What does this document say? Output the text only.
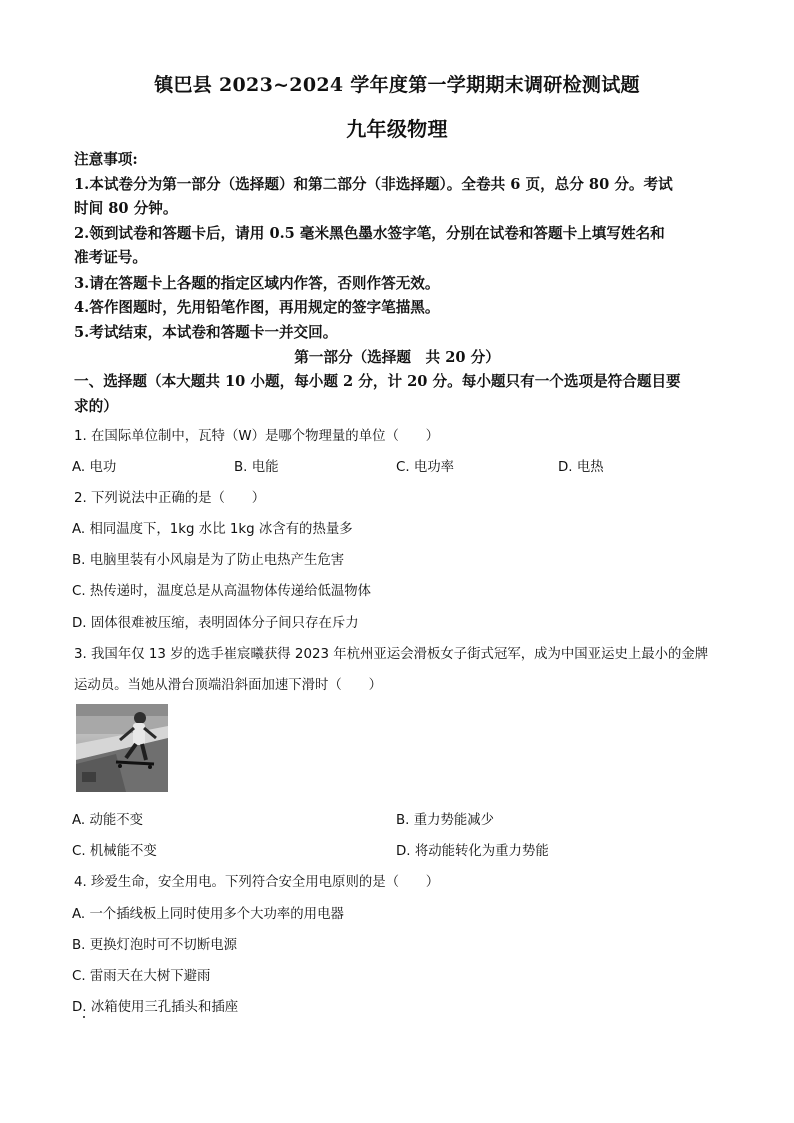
镇巴县 2023~2024 学年度第一学期期末调研检测试题
九年级物理
注意事项:
1.本试卷分为第一部分（选择题）和第二部分（非选择题）。全卷共 6 页，总分 80 分。考试
时间 80 分钟。
2.领到试卷和答题卡后，请用 0.5 毫米黑色墨水签字笔，分别在试卷和答题卡上填写姓名和
准考证号。
3.请在答题卡上各题的指定区域内作答，否则作答无效。
4.答作图题时，先用铅笔作图，再用规定的签字笔描黑。
5.考试结束，本试卷和答题卡一并交回。
第一部分（选择题　共 20 分）
一、选择题（本大题共 10 小题，每小题 2 分，计 20 分。每小题只有一个选项是符合题目要
求的）
1. 在国际单位制中，瓦特（W）是哪个物理量的单位（　　）
A. 电功	B. 电能	C. 电功率	D. 电热
2. 下列说法中正确的是（　　）
A. 相同温度下，1kg 水比 1kg 冰含有的热量多
B. 电脑里装有小风扇是为了防止电热产生危害
C. 热传递时，温度总是从高温物体传递给低温物体
D. 固体很难被压缩，表明固体分子间只存在斥力
3. 我国年仅 13 岁的选手崔宸曦获得 2023 年杭州亚运会滑板女子街式冠军，成为中国亚运史上最小的金牌
运动员。当她从滑台顶端沿斜面加速下滑时（　　）
A. 动能不变	B. 重力势能减少
C. 机械能不变	D. 将动能转化为重力势能
4. 珍爱生命，安全用电。下列符合安全用电原则的是（　　）
A. 一个插线板上同时使用多个大功率的用电器
B. 更换灯泡时可不切断电源
C. 雷雨天在大树下避雨
D. 冰箱使用三孔插头和插座
